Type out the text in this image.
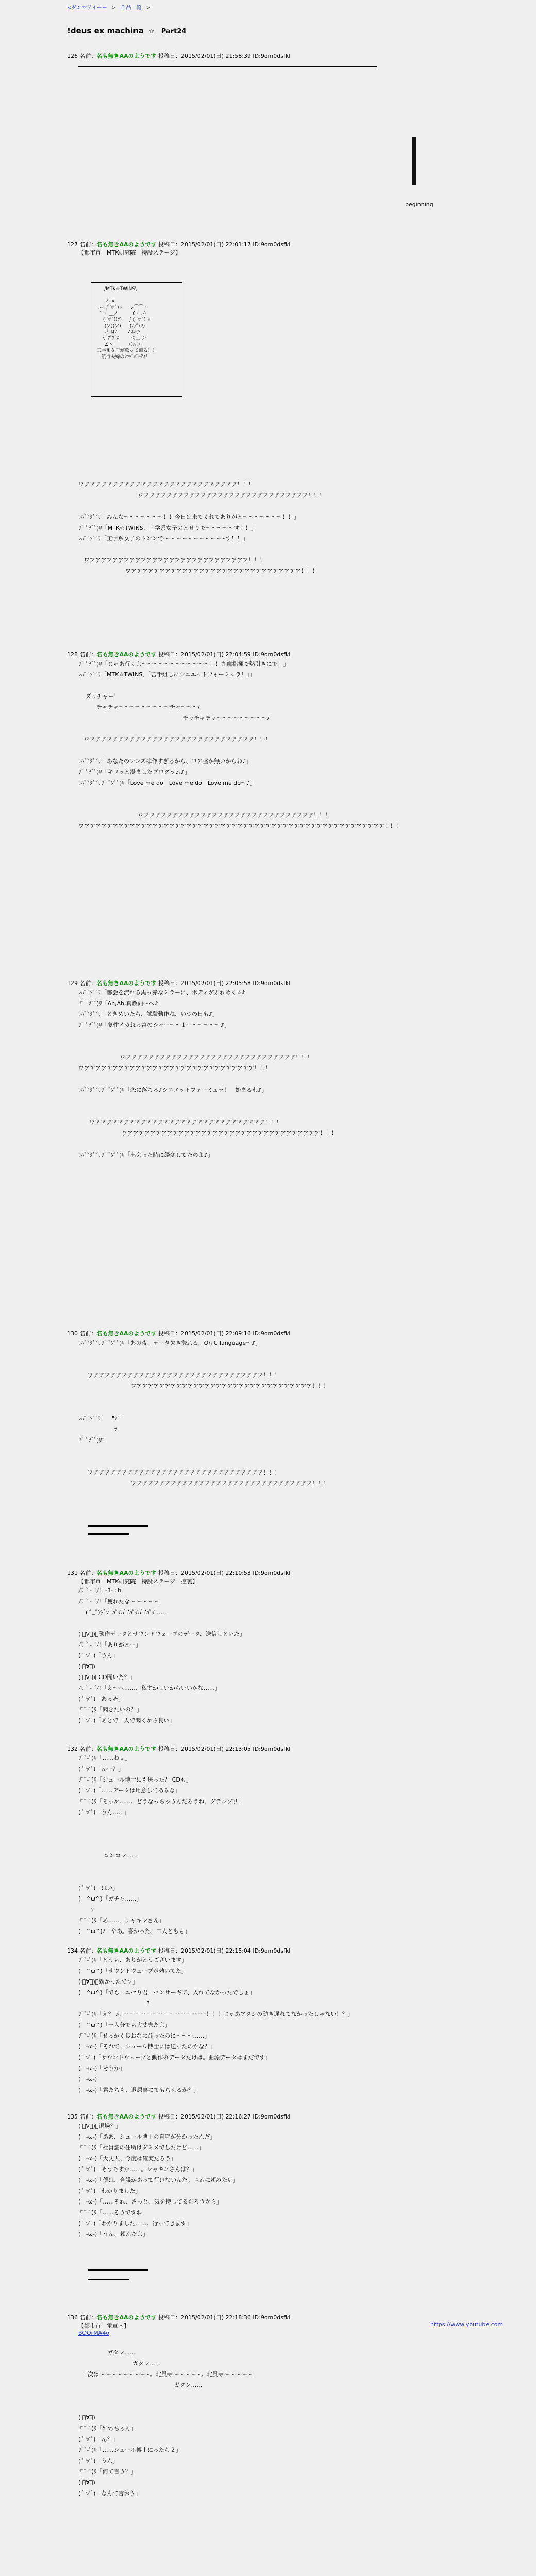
<ダンマテイーー > 作品一覧 >
!deus ex machina ☆　Part24
126 名前：名も無きAAのようです 投稿日：2015/02/01(日) 21:58:39 ID:9om0dsfkI
beginning
127 名前：名も無きAAのようです 投稿日：2015/02/01(日) 22:01:17 ID:9om0dsfkI
【都市市　MTK研究院　特設ステージ】
/MTK☆TWINS\

∧_∧
,-ヘ/ﾟ∀ﾟ)ヽ     ,-⌒⌒ヽ
｀ヽ __ノ          (ヽ ,-)
　(ﾟ∀ﾟ)(ｿ)     ∫ (ﾟ∀ﾟ) ☆
　 (ソ)(ソ)      (ｿ)'ﾟ(ｿ)
　 八 ﾎ(ｿ       ∠ﾎﾎ(ｿ
　ｾﾞﾌﾞﾌﾟﾆ        ＜工 ＞
　 ∠ヽ          ＜☆＞
工学系女子が歌って踊る！！
航行夫婦のｼﾝｸﾞﾊﾟｰﾃｨ！
ワアアアアアアアアアアアアアアアアアアアアアアアアアアア！！！
ワアアアアアアアアアアアアアアアアアアアアアアアアアアアアア！！！

ﾚﾊﾟ`ｸﾞ´ﾘ「みんな～～～～～～～！！今日は来てくれてありがと～～～～～～～！！」
ﾘﾞ ﾟｿﾞﾟ)ﾘ「MTK☆TWINS、工学系女子のとせりで～～～～～す！！」
ﾚﾊﾟ`ｸﾞ´ﾘ「工学系女子のトンンで～～～～～～～～～～～す！！」

ワアアアアアアアアアアアアアアアアアアアアアアアアアアアア！！！
ワアアアアアアアアアアアアアアアアアアアアアアアアアアアアアア！！！
128 名前：名も無きAAのようです 投稿日：2015/02/01(日) 22:04:59 ID:9om0dsfkI
ﾘﾞ ﾟｿﾞﾟ)ﾘ「じゃあ行くよ～～～～～～～～～～～～！！九龍指揮で熱引きにで！」
ﾚﾊﾟ`ｸﾞ´ﾘ「MTK☆TWINS、「苦手組しにシエエットフォーミュラ！」」

ズッチャー！
チャチャ～～～～～～～～～チャ～～～/
チャチャチャ～～～～～～～～～/

ワアアアアアアアアアアアアアアアアアアアアアアアアアアアアア！！！

ﾚﾊﾟ`ｸﾞ´ﾘ「あなたのレンズは作すぎるから、コア盛が無いからね♪」
ﾘﾞ ﾟｿﾞﾟ)ﾘ「キリッと澄ましたプログラム♪」
ﾚﾊﾟ`ｸﾞ´ﾘﾘﾞ ﾟｿﾞﾟ)ﾘ「Love me do　Love me do　Love me do～♪」

ワアアアアアアアアアアアアアアアアアアアアアアアアアアアアアア！！！
ワアアアアアアアアアアアアアアアアアアアアアアアアアアアアアアアアアアアアアアアアアアアアアアアアアアアアア！！！
129 名前：名も無きAAのようです 投稿日：2015/02/01(日) 22:05:58 ID:9om0dsfkI
ﾚﾊﾟ`ｸﾞ´ﾘ「都会を流れる黒っ赤なミラーに、ボディがぶれめく☆♪」
ﾘﾞ ﾟｿﾞﾟ)ﾘ「Ah,Ah,真教向～へ♪」
ﾚﾊﾟ`ｸﾞ´ﾘ「ときめいたら、試験動作ね、いつの日も♪」
ﾘﾞ ﾟｿﾞﾟ)ﾘ「気性イカれる富のシャー～～１ー～～～～～♪」

ワアアアアアアアアアアアアアアアアアアアアアアアアアアアアアア！！！
ワアアアアアアアアアアアアアアアアアアアアアアアアアアアアアア！！！

ﾚﾊﾟ`ｸﾞ´ﾘﾘﾞ ﾟｿﾞﾟ)ﾘ「恋に落ちる♪シエエットフォーミュラ！　始まるわ♪」

ワアアアアアアアアアアアアアアアアアアアアアアアアアアアアアア！！！
ワアアアアアアアアアアアアアアアアアアアアアアアアアアアアアアアアアア！！！

ﾚﾊﾟ`ｸﾞ´ﾘﾘﾞ ﾟｿﾞﾟ)ﾘ「出会った時に経変してたのよ♪」
130 名前：名も無きAAのようです 投稿日：2015/02/01(日) 22:09:16 ID:9om0dsfkI
ﾚﾊﾟ`ｸﾞ´ﾘﾘﾞ ﾟｿﾞﾟ)ﾘ「あの夜、データ欠き洗れる、Oh C language～♪」

ワアアアアアアアアアアアアアアアアアアアアアアアアアアアアアア！！！
ワアアアアアアアアアアアアアアアアアアアアアアアアアアアアアアア！！！

ﾚﾊﾟ`ｸﾞ´ﾘ      "ｼﾞ"
ﾂ
ﾘﾞ ﾟｿﾞﾟ)ﾘ"

ワアアアアアアアアアアアアアアアアアアアアアアアアアアアアアア！！！
ワアアアアアアアアアアアアアアアアアアアアアアアアアアアアアアア！！！
131 名前：名も無きAAのようです 投稿日：2015/02/01(日) 22:10:53 ID:9om0dsfkI
【都市市　MTK研究院　特設ステージ　控裏】
ﾉﾘ｀- ´ﾉ!  -3- :ｈ
ﾉﾘ｀- ´ﾉ!「疲れたな～～～～～」
( ﾟ_ﾟ)ｼﾞｼ  ﾊﾟﾁﾊﾟﾁﾊﾟﾁﾊﾟﾁﾊﾟﾁ……

( ﾟ∀ﾟ)「動作データとサウンドウェーブのデータ、送信しといた」
ﾉﾘ｀- ´ﾉ!「ありがとー」
( ﾟ∀ﾟ)「うん」
( ﾟ∀ﾟ)
( ﾟ∀ﾟ)「CD聞いた？」
ﾉﾘ｀- ´ﾉ!「え～へ……、私すかしいからいいかな……」
( ﾟ∀ﾟ)「あっそ」
ﾘﾞﾟ-ﾟ)ﾘ「聞きたいの？」
( ﾟ∀ﾟ)「あとで一人で聞くから良い」
132 名前：名も無きAAのようです 投稿日：2015/02/01(日) 22:13:05 ID:9om0dsfkI
ﾘﾞﾟ-ﾟ)ﾘ「……ねぇ」
( ﾟ∀ﾟ)「んー？」
ﾘﾞﾟ-ﾟ)ﾘ「シュール博士にも送った？ CDも」
( ﾟ∀ﾟ)「……データは用意してあるな」
ﾘﾞﾟ-ﾟ)ﾘ「そっか……。どうなっちゃうんだろうね、グランブリ」
( ﾟ∀ﾟ)「うん……」

コンコン……

( ﾟ∀ﾟ)「はい」
(   ^ω^)「ガチャ……」
ｿ
ﾘﾞﾟ-ﾟ)ﾘ「あ……、シャキンさん」
(   ^ω^)ﾉ「やあ。喜かった、二人ともも」
134 名前：名も無きAAのようです 投稿日：2015/02/01(日) 22:15:04 ID:9om0dsfkI
ﾘﾞﾟ-ﾟ)ﾘ「どうも、ありがとうございます」
(   ^ω^)「サウンドウェーブが効いてた」
( ﾟ∀ﾟ)「効かったです」
(   ^ω^)「でも、エセり君、センサーギア、入れてなかったでしょ」
?
ﾘﾞﾟ-ﾟ)ﾘ「え？ えーーーーーーーーーーーーーーー！！！じゃあアタシの動き遅れてなかったしゃない！？」
(   ^ω^)「一人分でも大丈夫だよ」
ﾘﾞﾟ-ﾟ)ﾘ「せっかく良おなに踊ったのに～～～……」
(   -ω-)「それで、シュール博士には送ったのかな？」
( ﾟ∀ﾟ)「サウンドウェーブと動作のデータだけは。曲源データはまだです」
(   -ω-)「そうか」
(   -ω-)
(   -ω-)「君たちも、退屈裏にてもらえるか？」
135 名前：名も無きAAのようです 投稿日：2015/02/01(日) 22:16:27 ID:9om0dsfkI
( ﾟ∀ﾟ)「退場？」
(   -ω-)「ああ、シュール博士の自宅が分かったんだ」
ﾘﾞﾟ-ﾟ)ﾘ「社員証の住所はダミメでしたけど……」
(   -ω-)「大丈夫、今度は確実だろう」
( ﾟ∀ﾟ)「そうですか……。シャキンさんは？」
(   -ω-)「僕は、合議があって行けないんだ。ニムに頼みたい」
( ﾟ∀ﾟ)「わかりました」
(   -ω-)「……それ、さっと、気を持してるだろうから」
ﾘﾞﾟ-ﾟ)ﾘ「……そうですね」
( ﾟ∀ﾟ)「わかりました……。行ってきます」
(   -ω-)「うん。頼んだよ」
136 名前：名も無きAAのようです 投稿日：2015/02/01(日) 22:18:36 ID:9om0dsfkI
【都市市　電車内】
BOOrMA4o

ガタン……
ガタン……
「次は～～～～～～～～～。北風寺～～～～～。北風寺～～～～～」
ガタン……

( ﾟ∀ﾟ)
ﾘﾞﾟ-ﾟ)ﾘ「ｹﾞﾏﾝちゃん」
( ﾟ∀ﾟ)「ん？」
ﾘﾞﾟ-ﾟ)ﾘ「……シュール博士にったら２」
( ﾟ∀ﾟ)「うん」
ﾘﾞﾟ-ﾟ)ﾘ「何て言う？」
( ﾟ∀ﾟ)
( ﾟ∀ﾟ)「なんて言おう」
https://www.youtube.com
